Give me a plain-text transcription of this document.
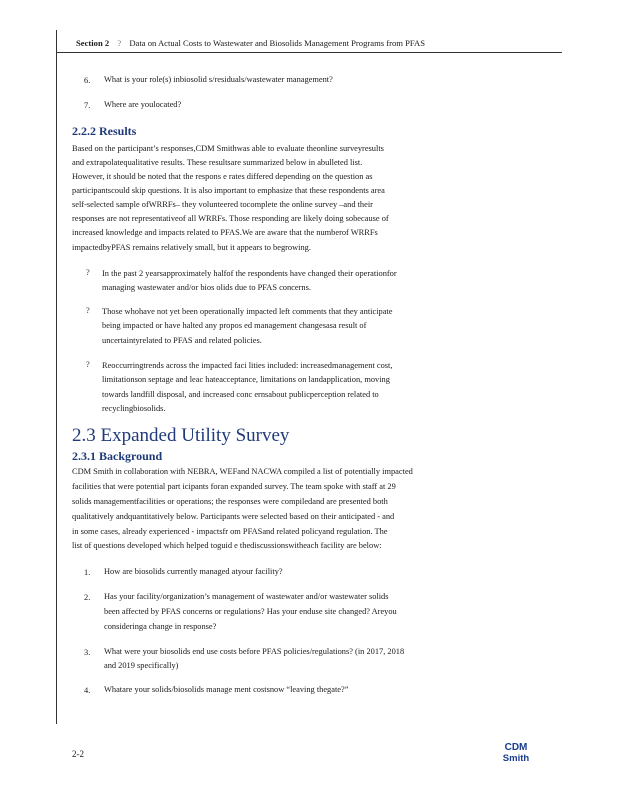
Section 2 ? Data on Actual Costs to Wastewater and Biosolids Management Programs from PFAS
6. What is your role(s) inbiosolid s/residuals/wastewater management?
7. Where are youlocated?
2.2.2 Results
Based on the participant’s responses,CDM Smithwas able to evaluate theonline surveyresults
and extrapolatequalitative results. These resultsare summarized below in abulleted list.
However, it should be noted that the respons e rates differed depending on the question as
participantscould skip questions. It is also important to emphasize that these respondents area
self-selected sample ofWRRFs– they volunteered tocomplete the online survey –and their
responses are not representativeof all WRRFs. Those responding are likely doing sobecause of
increased knowledge and impacts related to PFAS.We are aware that the numberof WRRFs
impactedbyPFAS remains relatively small, but it appears to begrowing.
? In the past 2 yearsapproximately halfof the respondents have changed their operationfor
managing wastewater and/or bios olids due to PFAS concerns.
? Those whohave not yet been operationally impacted left comments that they anticipate
being impacted or have halted any propos ed management changesasa result of
uncertaintyrelated to PFAS and related policies.
? Reoccurringtrends across the impacted faci lities included: increasedmanagement cost,
limitationson septage and leac hateacceptance, limitations on landapplication, moving
towards landfill disposal, and increased conc ernsabout publicperception related to
recyclingbiosolids.
2.3 Expanded Utility Survey
2.3.1 Background
CDM Smith in collaboration with NEBRA, WEFand NACWA compiled a list of potentially impacted
facilities that were potential part icipants foran expanded survey. The team spoke with staff at 29
solids managementfacilities or operations; the responses were compiledand are presented both
qualitatively andquantitatively below. Participants were selected based on their anticipated - and
in some cases, already experienced - impactsfr om PFASand related policyand regulation. The
list of questions developed which helped toguid e thediscussionswitheach facility are below:
1. How are biosolids currently managed atyour facility?
2. Has your facility/organization’s management of wastewater and/or wastewater solids
been affected by PFAS concerns or regulations? Has your enduse site changed? Areyou
consideringa change in response?
3. What were your biosolids end use costs before PFAS policies/regulations? (in 2017, 2018
and 2019 specifically)
4. Whatare your solids/biosolids manage ment costsnow “leaving thegate?”
2-2
CDM
Smith
